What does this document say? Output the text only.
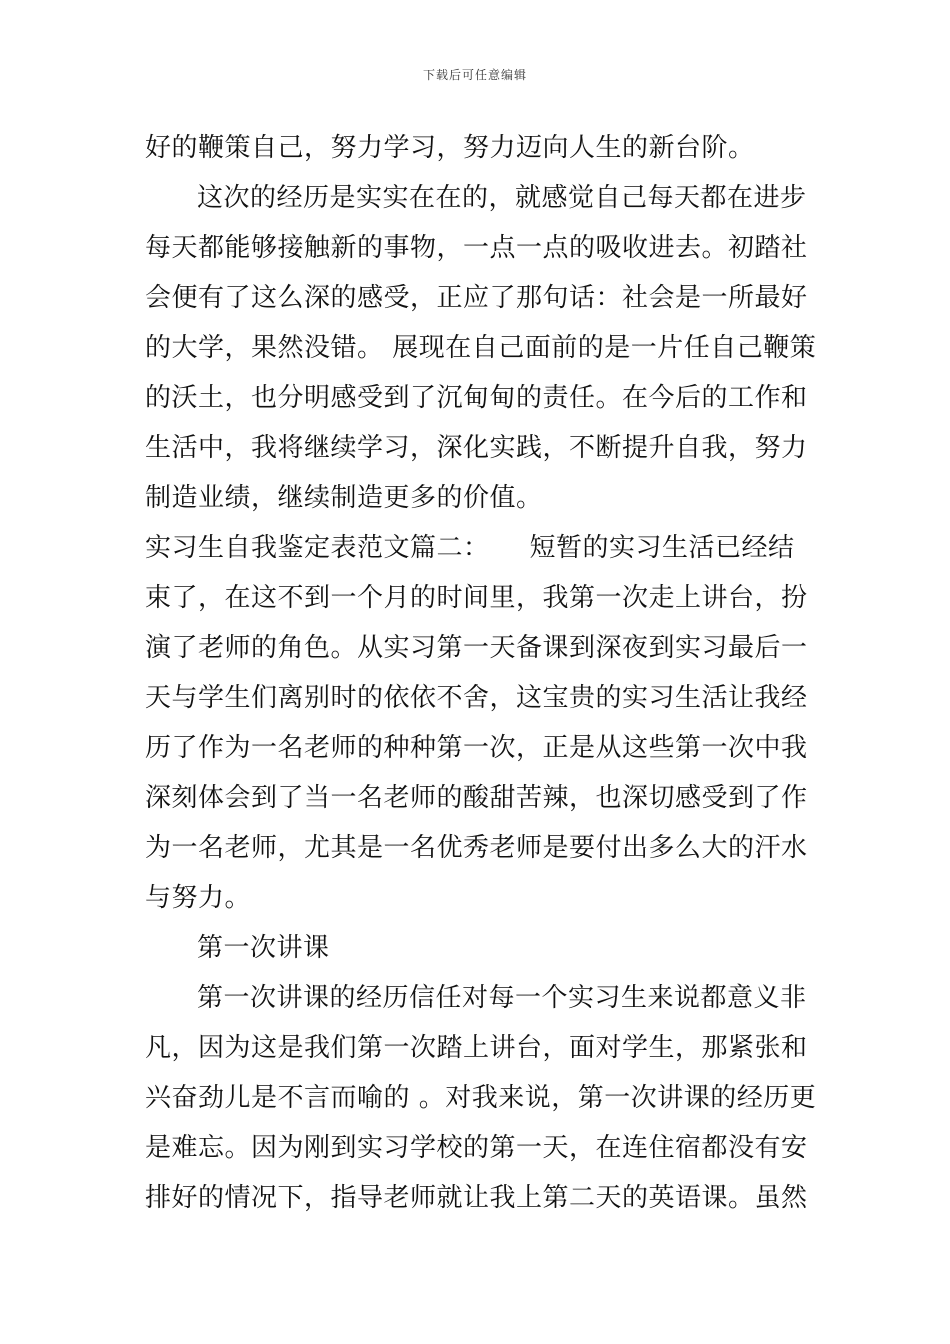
下载后可任意编辑
好的鞭策自己，努力学习，努力迈向人生的新台阶。
这次的经历是实实在在的，就感觉自己每天都在进步
每天都能够接触新的事物，一点一点的吸收进去。初踏社
会便有了这么深的感受，正应了那句话：社会是一所最好
的大学，果然没错。 展现在自己面前的是一片任自己鞭策
的沃土，也分明感受到了沉甸甸的责任。在今后的工作和
生活中，我将继续学习，深化实践，不断提升自我，努力
制造业绩，继续制造更多的价值。
实习生自我鉴定表范文篇二：　　短暂的实习生活已经结
束了，在这不到一个月的时间里，我第一次走上讲台，扮
演了老师的角色。从实习第一天备课到深夜到实习最后一
天与学生们离别时的依依不舍，这宝贵的实习生活让我经
历了作为一名老师的种种第一次，正是从这些第一次中我
深刻体会到了当一名老师的酸甜苦辣，也深切感受到了作
为一名老师，尤其是一名优秀老师是要付出多么大的汗水
与努力。
第一次讲课
第一次讲课的经历信任对每一个实习生来说都意义非
凡，因为这是我们第一次踏上讲台，面对学生，那紧张和
兴奋劲儿是不言而喻的 。对我来说，第一次讲课的经历更
是难忘。因为刚到实习学校的第一天，在连住宿都没有安
排好的情况下，指导老师就让我上第二天的英语课。虽然
